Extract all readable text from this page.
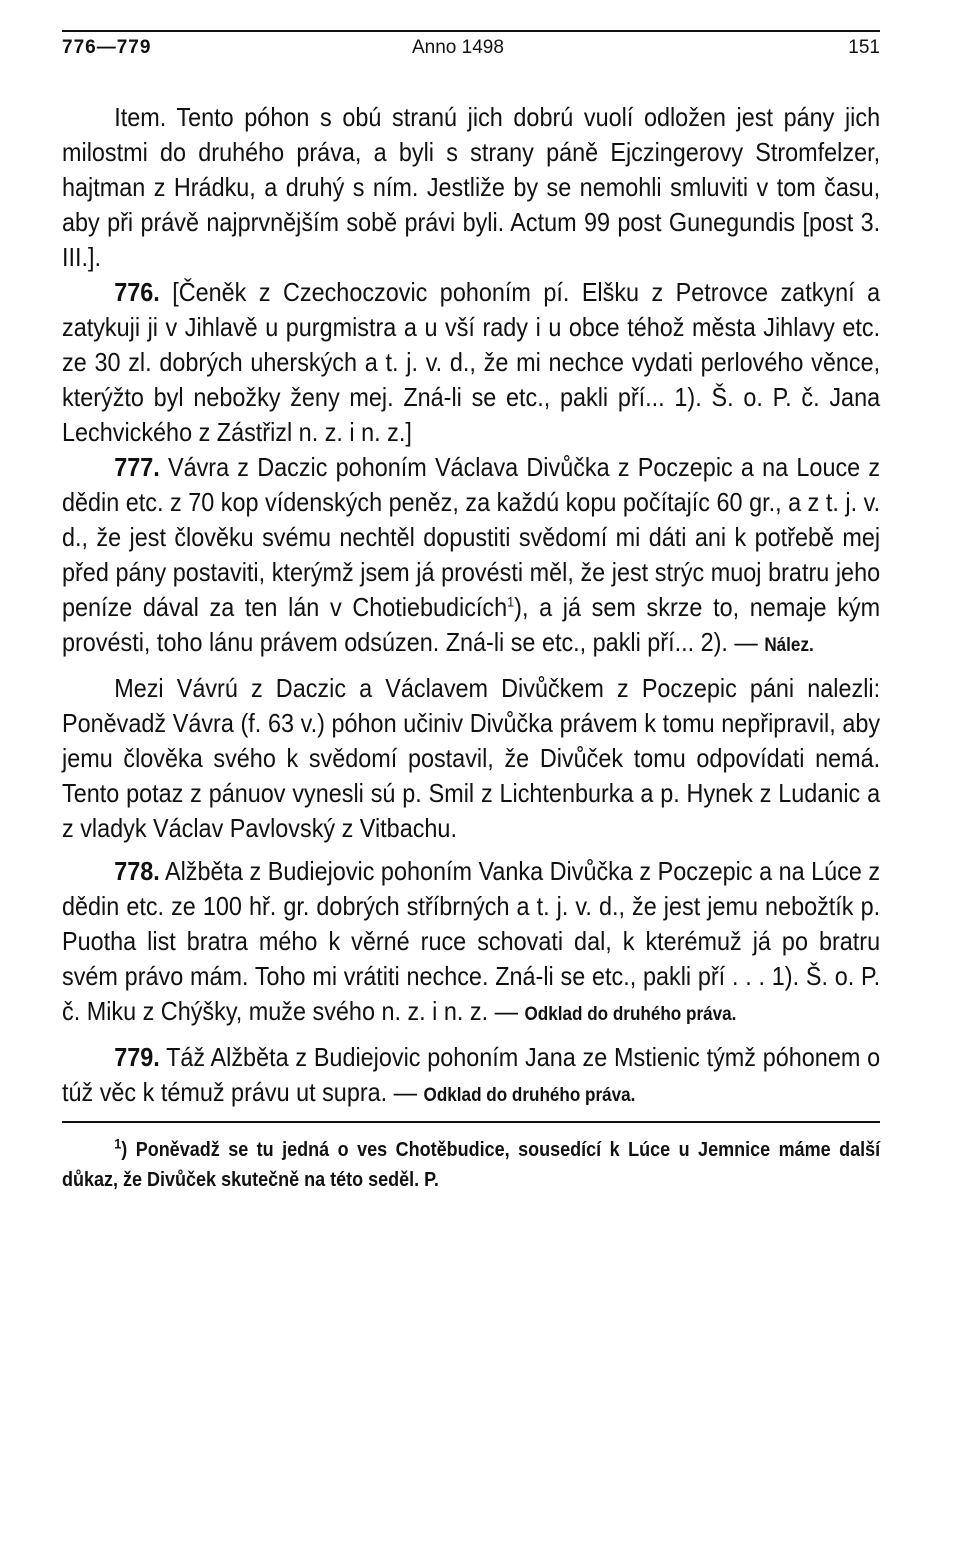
776—779	Anno 1498	151

Item. Tento póhon s obú stranú jich dobrú vuolí odložen jest pány jich milostmi do druhého práva, a byli s strany páně Ejczingerovy Stromfelzer, hajtman z Hrádku, a druhý s ním. Jestliže by se nemohli smluviti v tom času, aby při právě najprvnějším sobě právi byli. Actum 99 post Gunegundis [post 3. III.].

776. [Čeněk z Czechoczovic pohoním pí. Elšku z Petrovce zatkyní a zatykuji ji v Jihlavě u purgmistra a u vší rady i u obce téhož města Jihlavy etc. ze 30 zl. dobrých uherských a t. j. v. d., že mi nechce vydati perlového věnce, kterýžto byl nebožky ženy mej. Zná-li se etc., pakli pří... 1). Š. o. P. č. Jana Lechvického z Zástřizl n. z. i n. z.]

777. Vávra z Daczic pohoním Václava Divůčka z Poczepic a na Louce z dědin etc. z 70 kop vídenských peněz, za každú kopu počítajíc 60 gr., a z t. j. v. d., že jest člověku svému nechtěl dopustiti svědomí mi dáti ani k potřebě mej před pány postaviti, kterýmž jsem já provésti měl, že jest strýc muoj bratru jeho peníze dával za ten lán v Chotiebudicích$^1$), a já sem skrze to, nemaje kým provésti, toho lánu právem odsúzen. Zná-li se etc., pakli pří... 2). — Nález.

Mezi Vávrú z Daczic a Václavem Divůčkem z Poczepic páni nalezli: Poněvadž Vávra (f. 63 v.) póhon učiniv Divůčka právem k tomu nepřipravil, aby jemu člověka svého k svědomí postavil, že Divůček tomu odpovídati nemá. Tento potaz z pánuov vynesli sú p. Smil z Lichtenburka a p. Hynek z Ludanic a z vladyk Václav Pavlovský z Vitbachu.

778. Alžběta z Budiejovic pohoním Vanka Divůčka z Poczepic a na Lúce z dědin etc. ze 100 hř. gr. dobrých stříbrných a t. j. v. d., že jest jemu nebožtík p. Puotha list bratra mého k věrné ruce schovati dal, k kterémuž já po bratru svém právo mám. Toho mi vrátiti nechce. Zná-li se etc., pakli pří . . . 1). Š. o. P. č. Miku z Chýšky, muže svého n. z. i n. z. — Odklad do druhého práva.

779. Táž Alžběta z Budiejovic pohoním Jana ze Mstienic týmž póhonem o túž věc k témuž právu ut supra. — Odklad do druhého práva.

$^1$) Poněvadž se tu jedná o ves Chotěbudice, sousedící k Lúce u Jemnice máme další důkaz, že Divůček skutečně na této seděl. P.
